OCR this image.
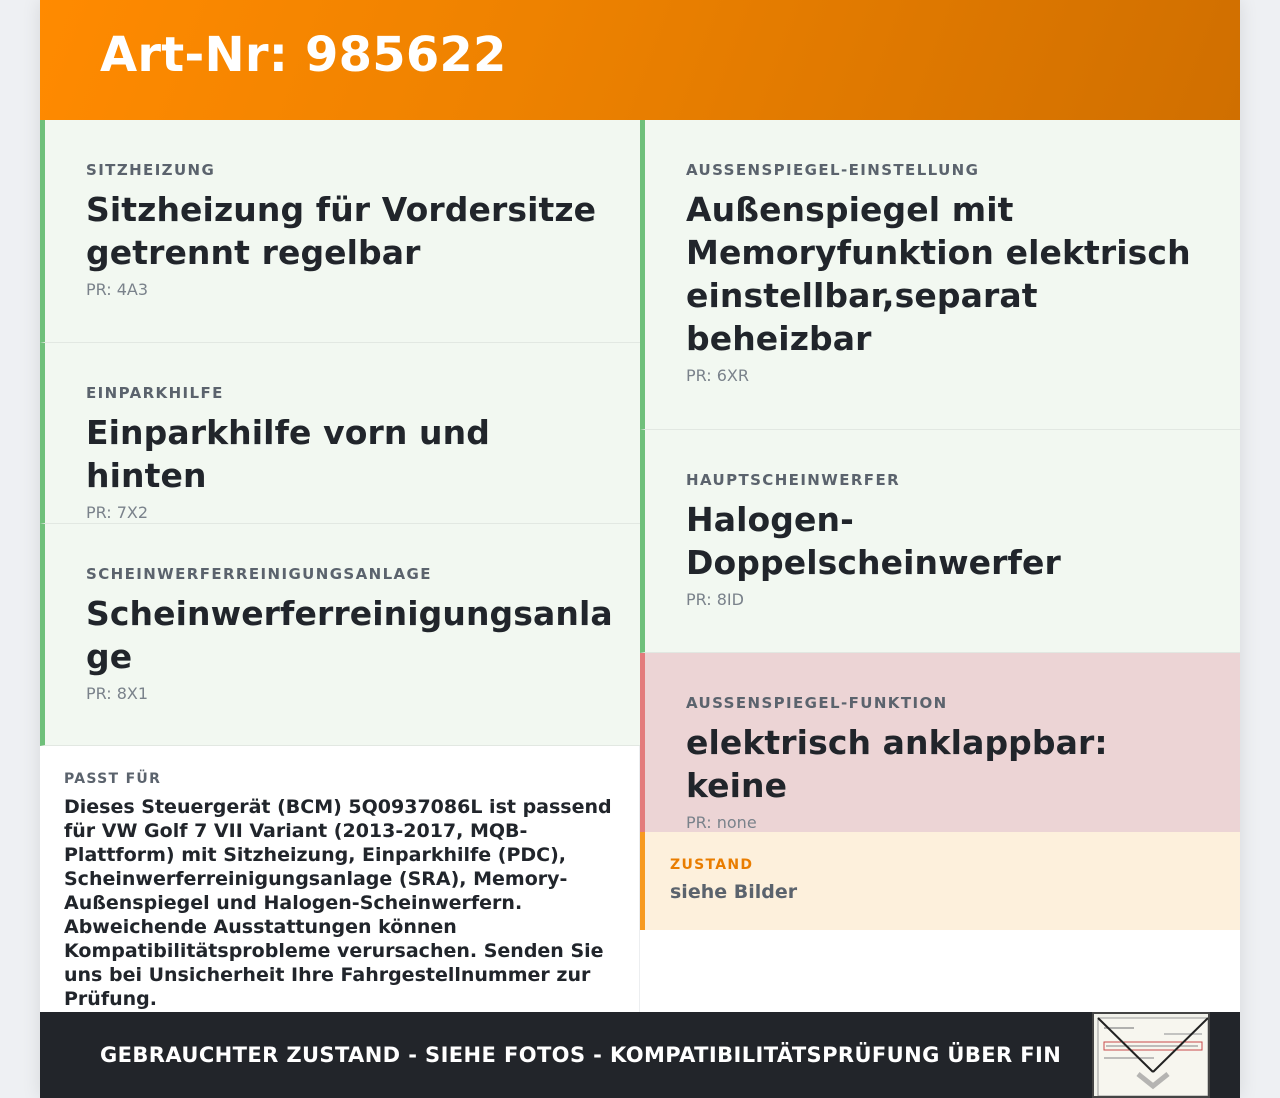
Art-Nr: 985622
SITZHEIZUNG
Sitzheizung für Vordersitze getrennt regelbar
PR: 4A3
EINPARKHILFE
Einparkhilfe vorn und hinten
PR: 7X2
SCHEINWERFERREINIGUNGSANLAGE
Scheinwerferreinigungsanla ge
PR: 8X1
AUSSENSPIEGEL-EINSTELLUNG
Außenspiegel mit Memoryfunktion elektrisch einstellbar,separat beheizbar
PR: 6XR
HAUPTSCHEINWERFER
Halogen-Doppelscheinwerfer
PR: 8ID
AUSSENSPIEGEL-FUNKTION
elektrisch anklappbar: keine
PR: none
PASST FÜR
Dieses Steuergerät (BCM) 5Q0937086L ist passend für VW Golf 7 VII Variant (2013-2017, MQB-Plattform) mit Sitzheizung, Einparkhilfe (PDC), Scheinwerferreinigungsanlage (SRA), Memory-Außenspiegel und Halogen-Scheinwerfern. Abweichende Ausstattungen können Kompatibilitätsprobleme verursachen. Senden Sie uns bei Unsicherheit Ihre Fahrgestellnummer zur Prüfung.
ZUSTAND
siehe Bilder
GEBRAUCHTER ZUSTAND - SIEHE FOTOS - KOMPATIBILITÄTSPRÜFUNG ÜBER FIN
